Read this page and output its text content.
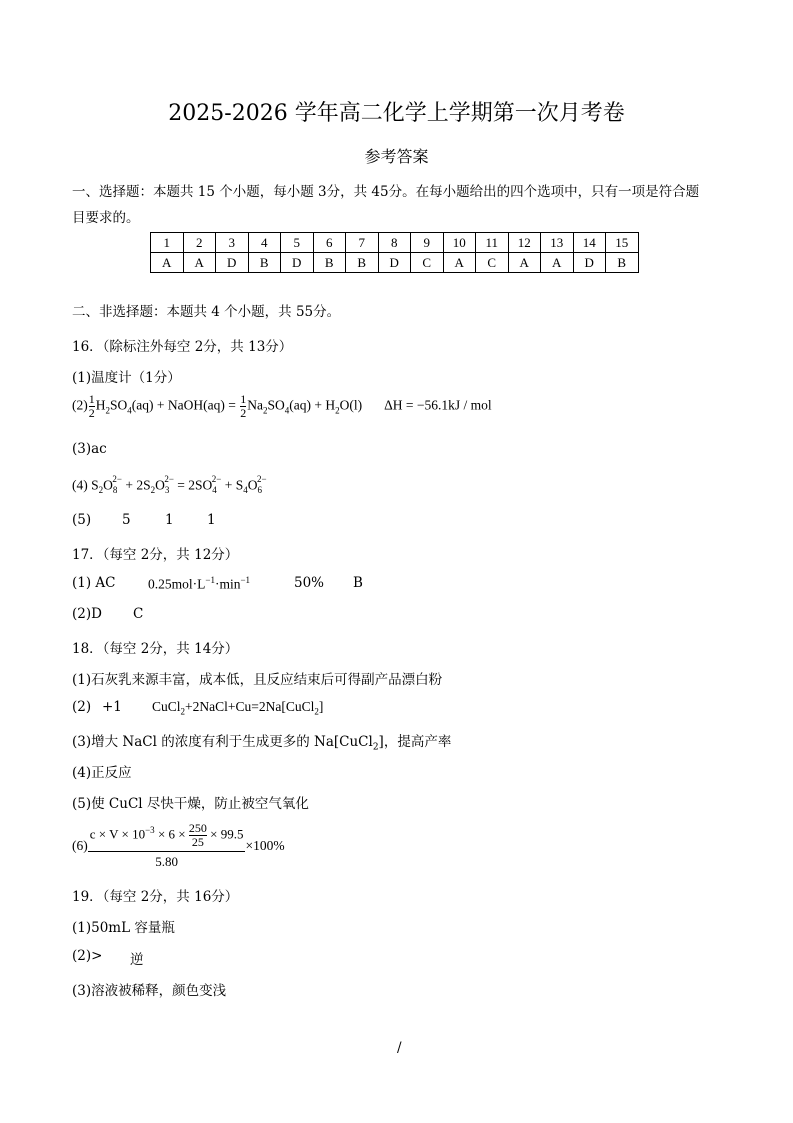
2025-2026 学年高二化学上学期第一次月考卷
参考答案
一、选择题：本题共 15 个小题，每小题 3分，共 45分。在每小题给出的四个选项中，只有一项是符合题
目要求的。
1	2	3	4	5	6	7	8	9	10	11	12	13	14	15
A	A	D	B	D	B	B	D	C	A	C	A	A	D	B
二、非选择题：本题共 4 个小题，共 55分。
16．（除标注外每空 2分，共 13分）
(1)温度计（1分）
$(2) \frac{1}{2} H_2SO_4(aq)$ + NaOH(aq) = $\frac{1}{2} Na_2SO_4(aq) + H_2O(l) \Delta H = -56.1kJ$ / mol
(3)ac
(4) $S_2O_8^{2-} + 2S_2O_3^{2-} = 2SO_4^{2-} + S_4O_6^{2-}$
(5) 5	1 1
17．（每空 2分，共 12分）
(1) AC $0.25mol\cdot L^{-1}\cdot\min^{-1}$	50% B
(2)D C
18．（每空 2分，共 14分）
(1)石灰乳来源丰富，成本低，且反应结束后可得副产品漂白粉
(2) +1 CuCl$_2$+2NaCl+Cu=2Na[CuCl$_2$]
(3)增大 NaCl 的浓度有利于生成更多的 Na[CuCl$_2$]，提高产率
(4)正反应
(5)使 CuCl 尽快干燥，防止被空气氧化
$(6) \frac{c \times V \times 10^{-3} \times 6 \times \frac{250}{25} \times 99.5}{5.80} \times 100\%$
19．（每空 2分，共 16分）
(1)50mL 容量瓶
(2)> 逆
(3)溶液被稀释，颜色变浅
/
